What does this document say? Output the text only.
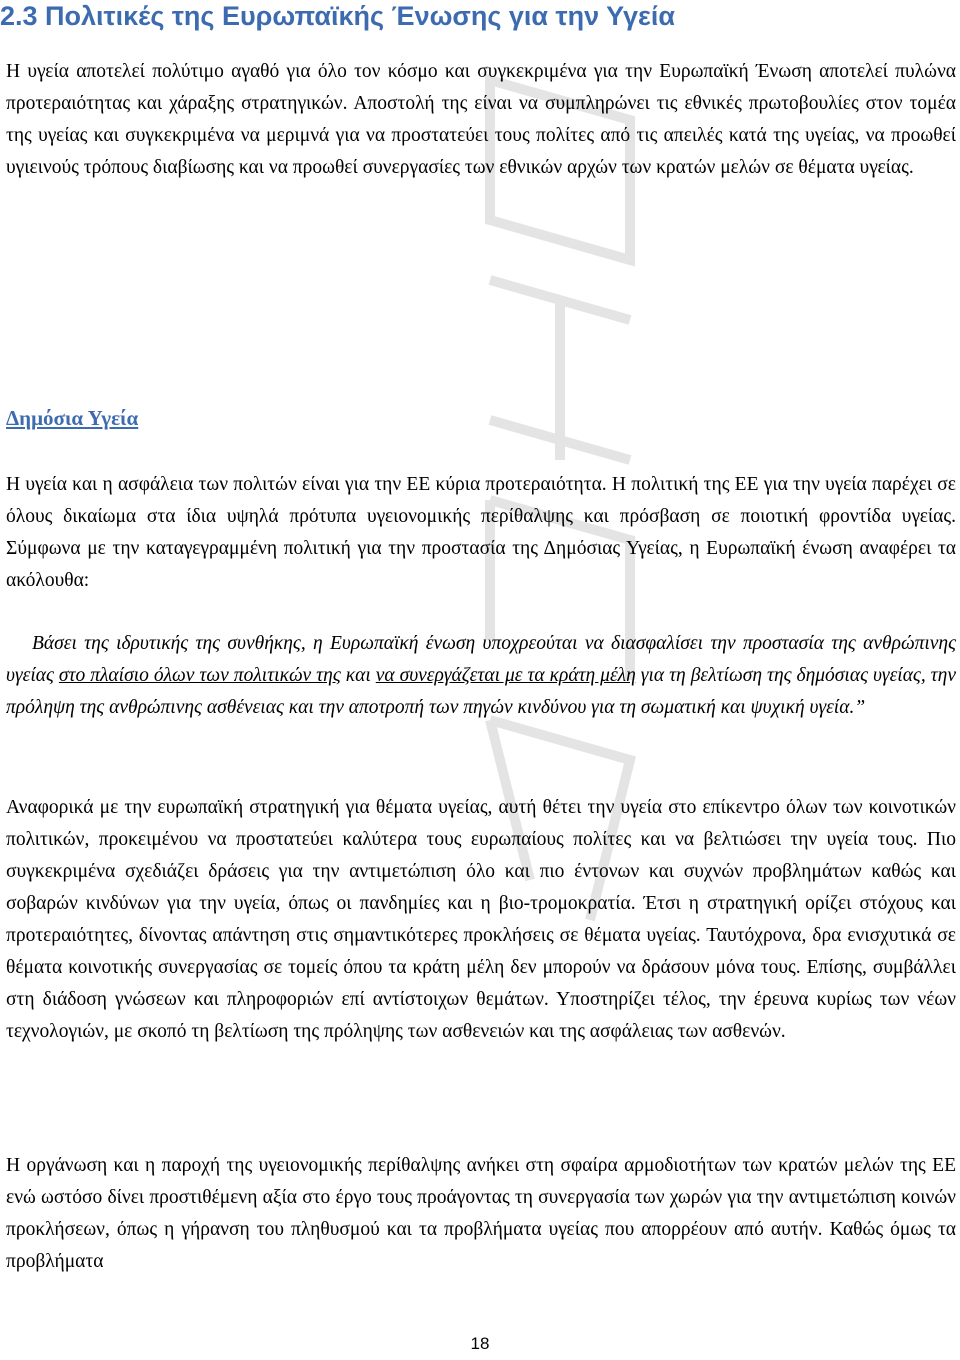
2.3 Πολιτικές της Ευρωπαϊκής Ένωσης για την Υγεία

Η υγεία αποτελεί πολύτιμο αγαθό για όλο τον κόσμο και συγκεκριμένα για την Ευρωπαϊκή Ένωση αποτελεί πυλώνα προτεραιότητας και χάραξης στρατηγικών. Αποστολή της είναι να συμπληρώνει τις εθνικές πρωτοβουλίες στον τομέα της υγείας και συγκεκριμένα να μεριμνά για να προστατεύει τους πολίτες από τις απειλές κατά της υγείας, να προωθεί υγιεινούς τρόπους διαβίωσης και να προωθεί συνεργασίες των εθνικών αρχών των κρατών μελών σε θέματα υγείας.

Δημόσια Υγεία

Η υγεία και η ασφάλεια των πολιτών είναι για την ΕΕ κύρια προτεραιότητα. Η πολιτική της ΕΕ για την υγεία παρέχει σε όλους δικαίωμα στα ίδια υψηλά πρότυπα υγειονομικής περίθαλψης και πρόσβαση σε ποιοτική φροντίδα υγείας. Σύμφωνα με την καταγεγραμμένη πολιτική για την προστασία της Δημόσιας Υγείας, η Ευρωπαϊκή ένωση αναφέρει τα ακόλουθα:

Βάσει της ιδρυτικής της συνθήκης, η Ευρωπαϊκή ένωση υποχρεούται να διασφαλίσει την προστασία της ανθρώπινης υγείας στο πλαίσιο όλων των πολιτικών της και να συνεργάζεται με τα κράτη μέλη για τη βελτίωση της δημόσιας υγείας, την πρόληψη της ανθρώπινης ασθένειας και την αποτροπή των πηγών κινδύνου για τη σωματική και ψυχική υγεία.”

Αναφορικά με την ευρωπαϊκή στρατηγική για θέματα υγείας, αυτή θέτει την υγεία στο επίκεντρο όλων των κοινοτικών πολιτικών, προκειμένου να προστατεύει καλύτερα τους ευρωπαίους πολίτες και να βελτιώσει την υγεία τους. Πιο συγκεκριμένα σχεδιάζει δράσεις για την αντιμετώπιση όλο και πιο έντονων και συχνών προβλημάτων καθώς και σοβαρών κινδύνων για την υγεία, όπως οι πανδημίες και η βιο-τρομοκρατία. Έτσι η στρατηγική ορίζει στόχους και προτεραιότητες, δίνοντας απάντηση στις σημαντικότερες προκλήσεις σε θέματα υγείας. Ταυτόχρονα, δρα ενισχυτικά σε θέματα κοινοτικής συνεργασίας σε τομείς όπου τα κράτη μέλη δεν μπορούν να δράσουν μόνα τους. Επίσης, συμβάλλει στη διάδοση γνώσεων και πληροφοριών επί αντίστοιχων θεμάτων. Υποστηρίζει τέλος, την έρευνα κυρίως των νέων τεχνολογιών, με σκοπό τη βελτίωση της πρόληψης των ασθενειών και της ασφάλειας των ασθενών.

Η οργάνωση και η παροχή της υγειονομικής περίθαλψης ανήκει στη σφαίρα αρμοδιοτήτων των κρατών μελών της ΕΕ ενώ ωστόσο δίνει προστιθέμενη αξία στο έργο τους προάγοντας τη συνεργασία των χωρών για την αντιμετώπιση κοινών προκλήσεων, όπως η γήρανση του πληθυσμού και τα προβλήματα υγείας που απορρέουν από αυτήν. Καθώς όμως τα προβλήματα

18
